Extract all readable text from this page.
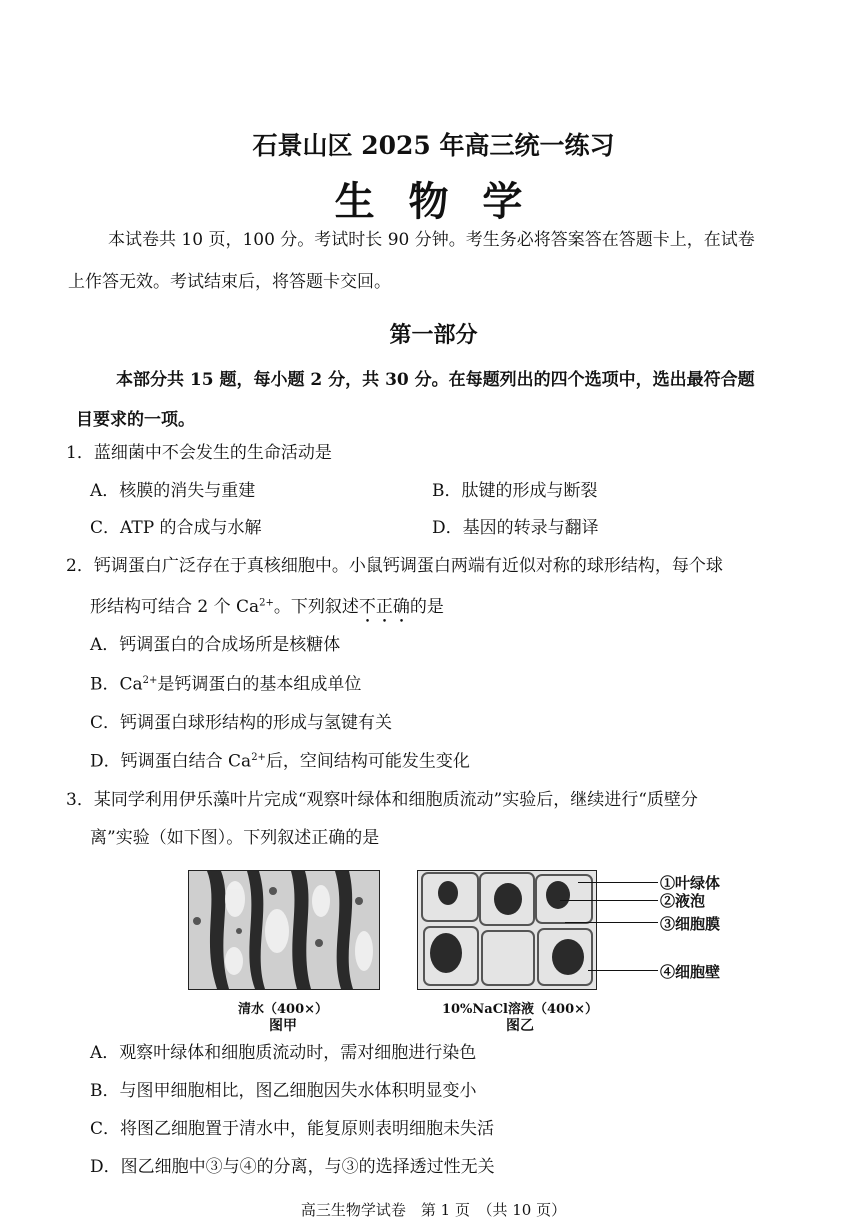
石景山区 2025 年高三统一练习
生 物 学
本试卷共 10 页，100 分。考试时长 90 分钟。考生务必将答案答在答题卡上，在试卷
上作答无效。考试结束后，将答题卡交回。
第一部分
本部分共 15 题，每小题 2 分，共 30 分。在每题列出的四个选项中，选出最符合题
目要求的一项。
1．蓝细菌中不会发生的生命活动是
A．核膜的消失与重建	B．肽键的形成与断裂
C．ATP 的合成与水解	D．基因的转录与翻译
2．钙调蛋白广泛存在于真核细胞中。小鼠钙调蛋白两端有近似对称的球形结构，每个球
形结构可结合 2 个 $Ca^{2+}$。下列叙述不正确的是
A．钙调蛋白的合成场所是核糖体
B．$Ca^{2+}$是钙调蛋白的基本组成单位
C．钙调蛋白球形结构的形成与氢键有关
D．钙调蛋白结合 $Ca^{2+}$后，空间结构可能发生变化
3．某同学利用伊乐藻叶片完成“观察叶绿体和细胞质流动”实验后，继续进行“质壁分
离”实验（如下图）。下列叙述正确的是
清水（400×）
图甲
①叶绿体
②液泡
③细胞膜
④细胞壁
10%NaCl溶液（400×）
图乙
A．观察叶绿体和细胞质流动时，需对细胞进行染色
B．与图甲细胞相比，图乙细胞因失水体积明显变小
C．将图乙细胞置于清水中，能复原则表明细胞未失活
D．图乙细胞中③与④的分离，与③的选择透过性无关
高三生物学试卷　第 1 页　（共 10 页）
